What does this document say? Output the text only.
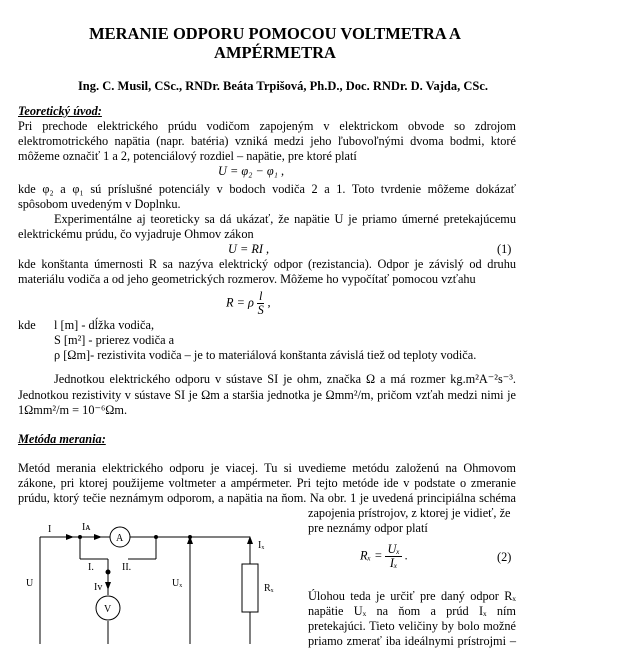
MERANIE ODPORU POMOCOU VOLTMETRA A
AMPÉRMETRA
Ing. C. Musil, CSc., RNDr. Beáta Trpišová, Ph.D., Doc. RNDr. D. Vajda, CSc.
Teoretický úvod:
Pri prechode elektrického prúdu vodičom zapojeným v elektrickom obvode so zdrojom
elektromotrického napätia (napr. batéria) vzniká medzi jeho ľubovoľnými dvoma bodmi, ktoré
môžeme označiť 1 a 2, potenciálový rozdiel – napätie, pre ktoré platí
U = φ₂ − φ₁ ,
kde φ₂ a φ₁ sú príslušné potenciály v bodoch vodiča 2 a 1. Toto tvrdenie môžeme dokázať
spôsobom uvedeným v Doplnku.
Experimentálne aj teoreticky sa dá ukázať, že napätie U je priamo úmerné pretekajúcemu
elektrickému prúdu, čo vyjadruje Ohmov zákon
U = RI ,	(1)
kde konštanta úmernosti R sa nazýva elektrický odpor (rezistancia). Odpor je závislý od druhu
materiálu vodiča a od jeho geometrických rozmerov. Môžeme ho vypočítať pomocou vzťahu
R = ρ $\frac{l}{S}$ ,
kde l [m] - dĺžka vodiča,
S [m²] - prierez vodiča a
ρ [Ωm]- rezistivita vodiča – je to materiálová konštanta závislá tiež od teploty vodiča.
Jednotkou elektrického odporu v sústave SI je ohm, značka Ω a má rozmer kg.m²A⁻²s⁻³.
Jednotkou rezistivity v sústave SI je Ωm a staršia jednotka je Ωmm²/m, pričom vzťah medzi nimi je
1Ωmm²/m = 10⁻⁶Ωm.
Metóda merania:
Metód merania elektrického odporu je viacej. Tu si uvedieme metódu založenú na Ohmovom
zákone, pri ktorej použijeme voltmeter a ampérmeter. Pri tejto metóde ide v podstate o zmeranie
prúdu, ktorý tečie neznámym odporom, a napätia na ňom. Na obr. 1 je uvedená principiálna schéma
zapojenia prístrojov, z ktorej je vidieť, že
pre neznámy odpor platí
$R_x = \frac{\text{Uₓ}}{\text{Iₓ}}$ .	(2)
Úlohou teda je určiť pre daný odpor Rₓ
napätie Uₓ na ňom a prúd Iₓ ním
pretekajúci. Tieto veličiny by bolo možné
priamo zmerať iba ideálnymi prístrojmi –
I	Iᴀ
A
I.	II.
Iᴠ
V
U	Uₓ
Iₓ
Rₓ
